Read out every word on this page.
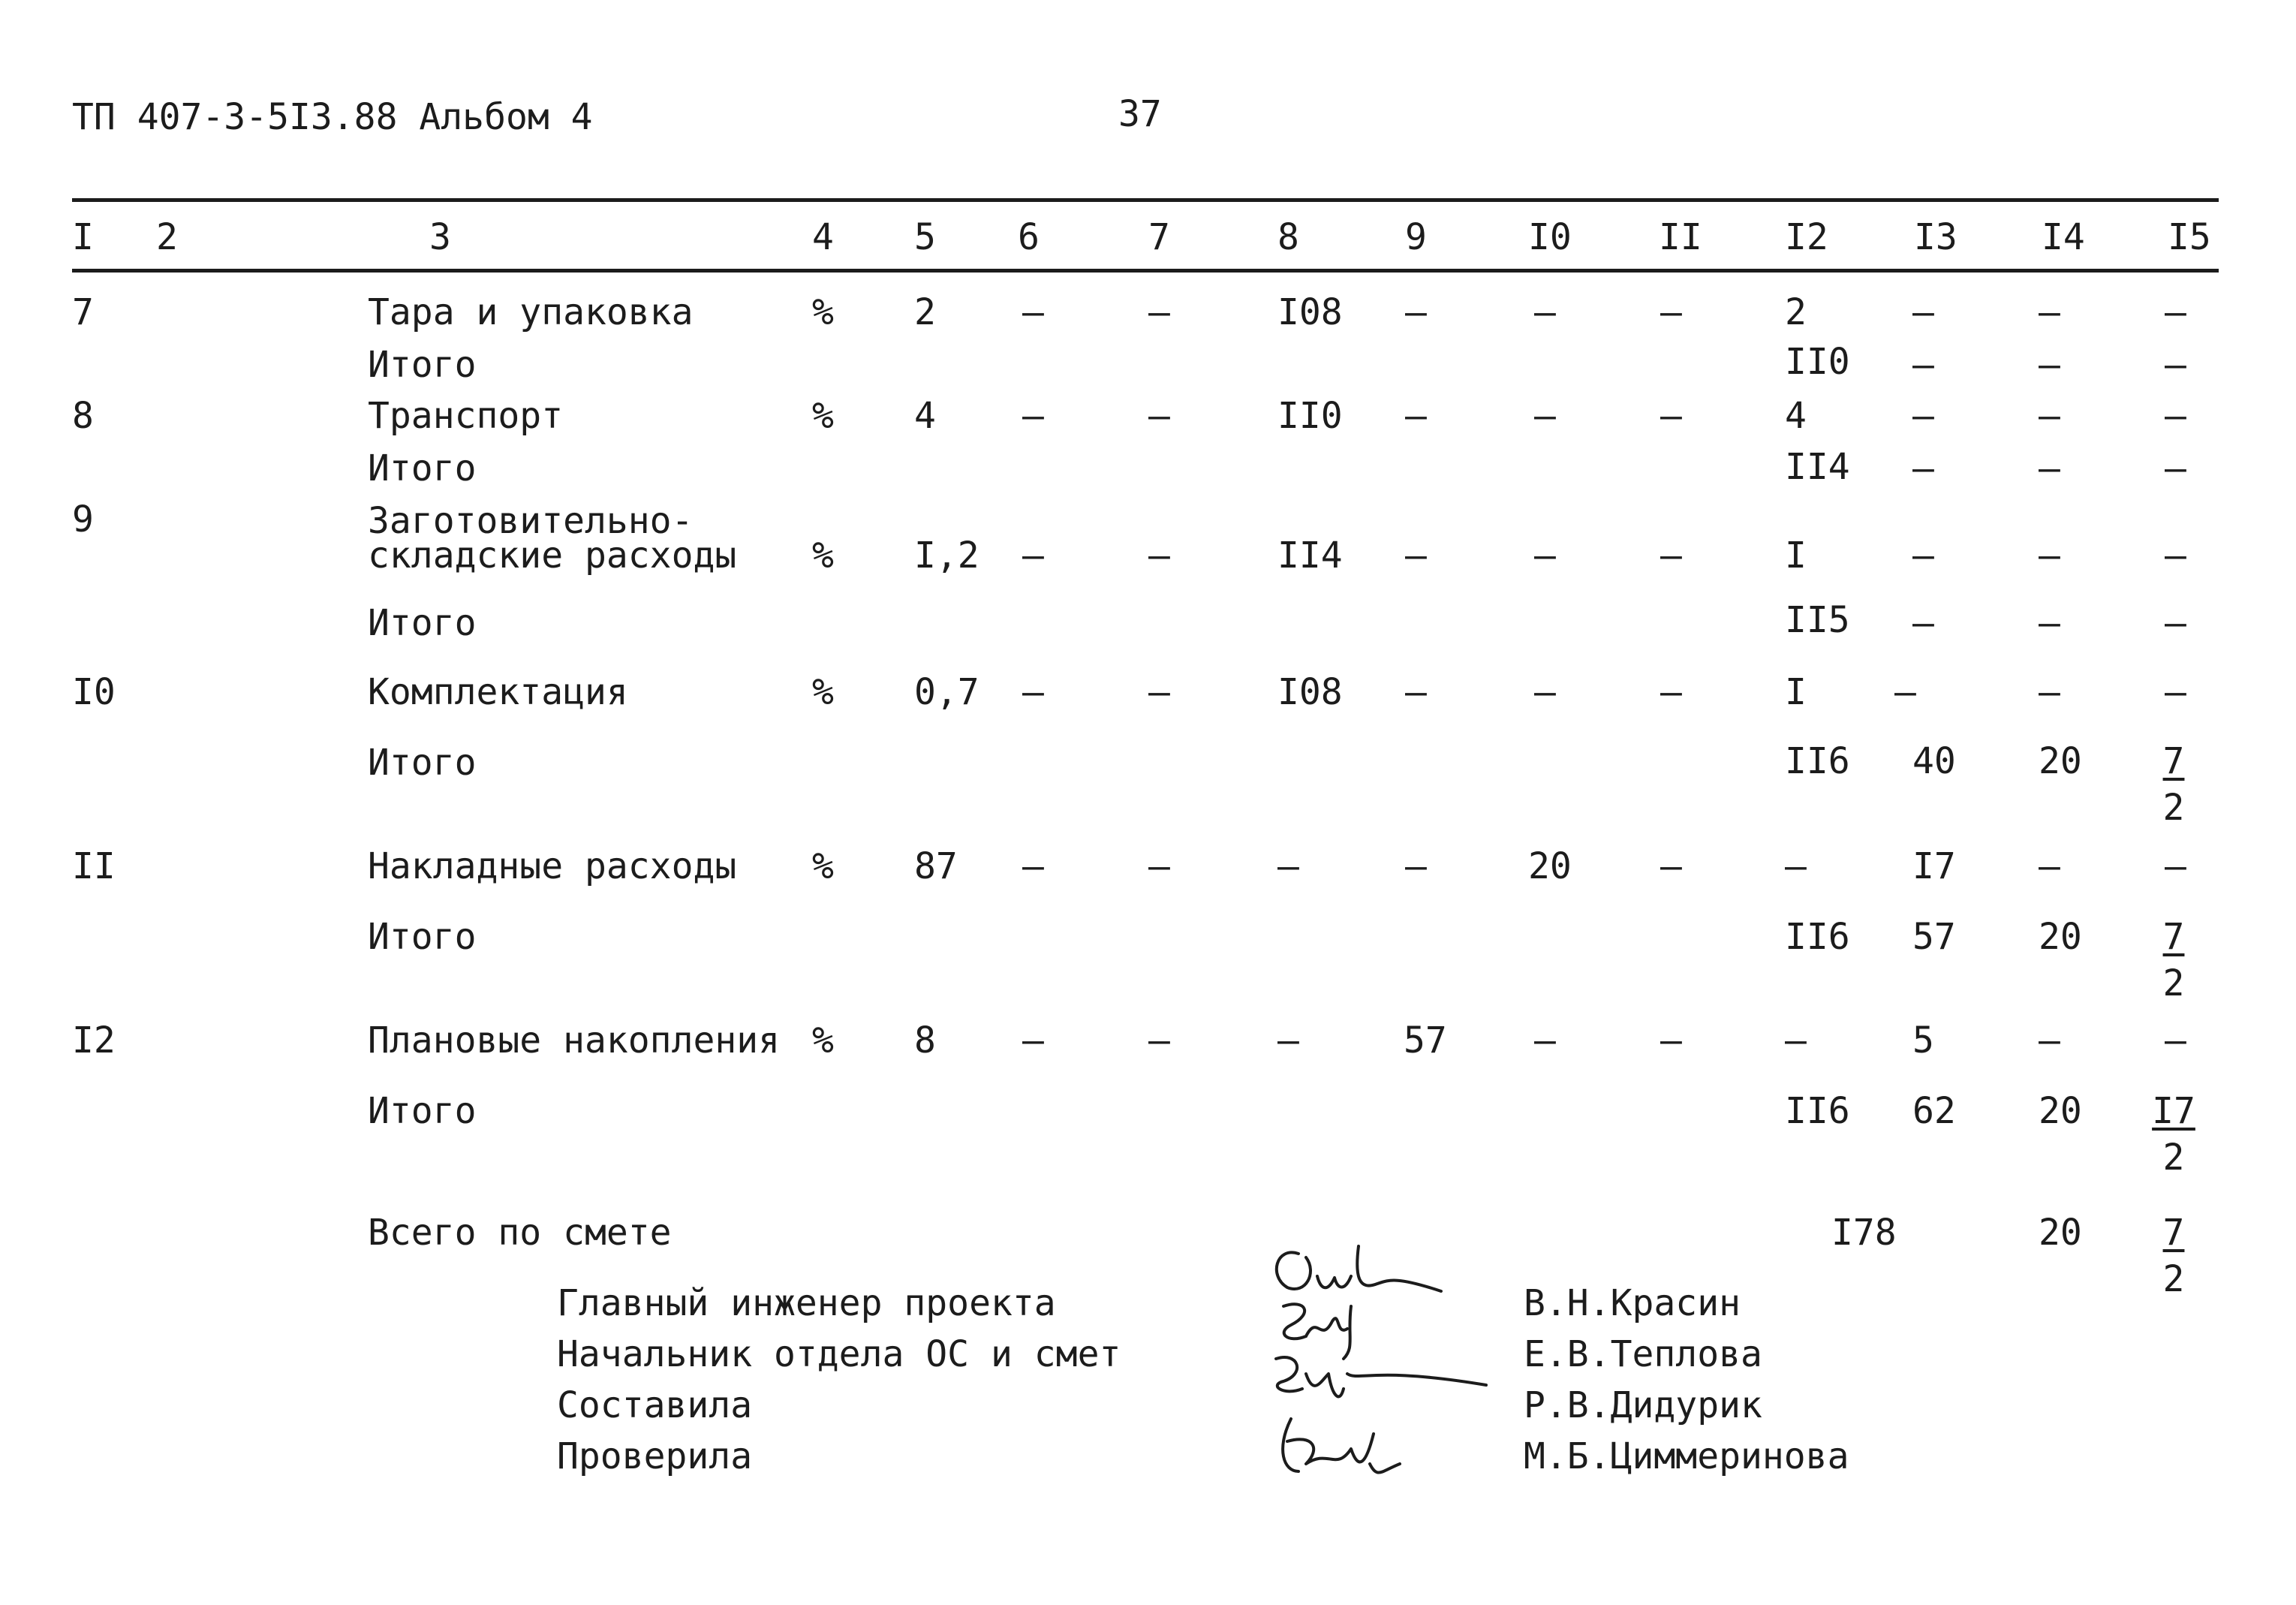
ТП 407-3-5I3.88 Альбом 4	37
I 2	3	4 5 6	7	8	9	I0 II I2 I3 I4 I5
7	Тара и упаковка	% 2 –	–	I08 –	–	–	2	–	–	–
Итого	II0 –	–	–
8	Транспорт	% 4 –	–	II0 –	–	–	4	–	–	–
Итого	II4 –	–	–
9	Заготовительно-
складские расходы % I,2 –	–	II4 –	–	–	I	–	–	–
Итого	II5 –	–	–
I0	Комплектация	% 0,7 –	–	I08 –	–	–	I –	–	–
Итого	II6 40 $20 \frac{7}{2}$
II	Накладные расходы % 87 –	–	–	–	20 –	–	I7 –	–
Итого	II6 57 $20 \frac{7}{2}$
I2	Плановые накопления % 8 –	–	–	57 –	–	–	5	–	–
Итого	II6 62 $20 \frac{I7}{2}$
Всего по смете	I78	$20 \frac{7}{2}$
Главный инженер проекта
Начальник отдела ОС и смет
Составила
Проверила
В.Н.Красин
Е.В.Теплова
Р.В.Дидурик
М.Б.Циммеринова
